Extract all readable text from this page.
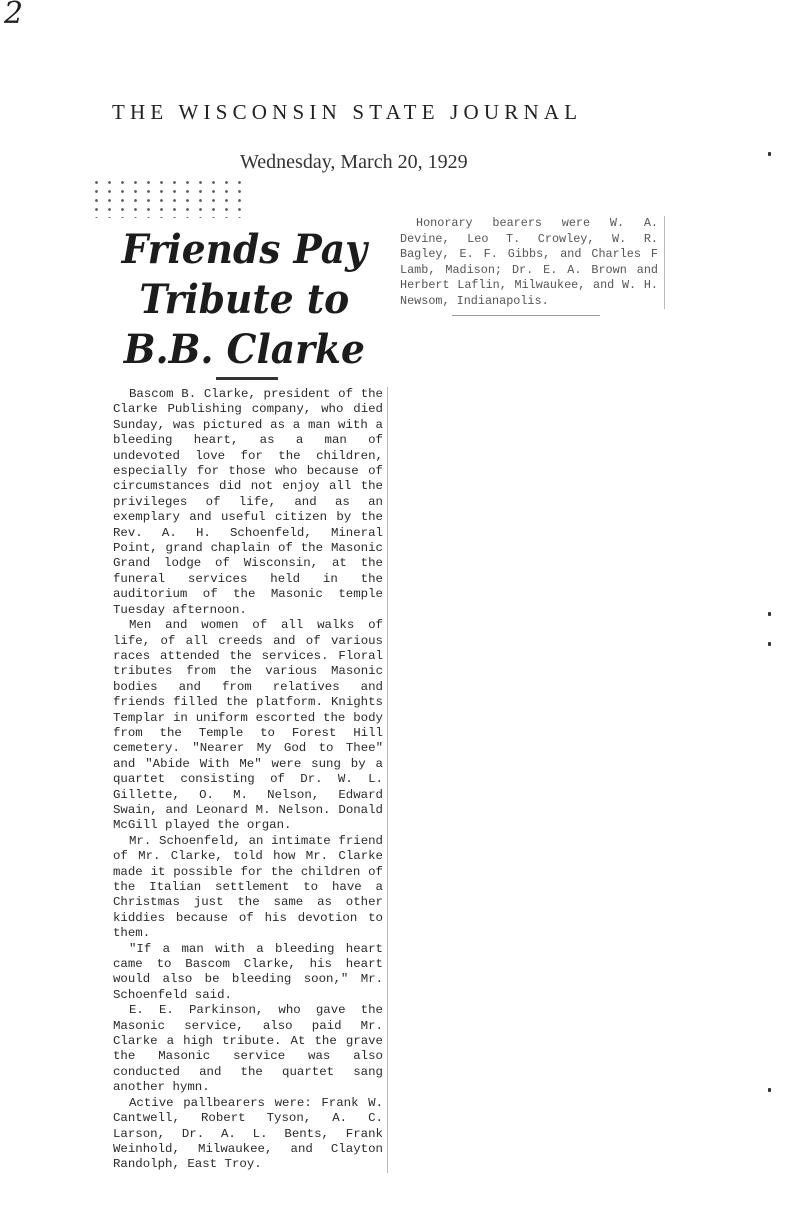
2
THE WISCONSIN STATE JOURNAL
Wednesday, March 20, 1929
Friends Pay
Tribute to
B.B. Clarke

Bascom B. Clarke, president of the Clarke Publishing company, who died Sunday, was pictured as a man with a bleeding heart, as a man of undevoted love for the children, especially for those who because of circumstances did not enjoy all the privileges of life, and as an exemplary and useful citizen by the Rev. A. H. Schoenfeld, Mineral Point, grand chaplain of the Masonic Grand lodge of Wisconsin, at the funeral services held in the auditorium of the Masonic temple Tuesday afternoon.

Men and women of all walks of life, of all creeds and of various races attended the services. Floral tributes from the various Masonic bodies and from relatives and friends filled the platform. Knights Templar in uniform escorted the body from the Temple to Forest Hill cemetery. "Nearer My God to Thee" and "Abide With Me" were sung by a quartet consisting of Dr. W. L. Gillette, O. M. Nelson, Edward Swain, and Leonard M. Nelson. Donald McGill played the organ.

Mr. Schoenfeld, an intimate friend of Mr. Clarke, told how Mr. Clarke made it possible for the children of the Italian settlement to have a Christmas just the same as other kiddies because of his devotion to them.

"If a man with a bleeding heart came to Bascom Clarke, his heart would also be bleeding soon," Mr. Schoenfeld said.

E. E. Parkinson, who gave the Masonic service, also paid Mr. Clarke a high tribute. At the grave the Masonic service was also conducted and the quartet sang another hymn.

Active pallbearers were: Frank W. Cantwell, Robert Tyson, A. C. Larson, Dr. A. L. Bents, Frank Weinhold, Milwaukee, and Clayton Randolph, East Troy.

Honorary bearers were W. A. Devine, Leo T. Crowley, W. R. Bagley, E. F. Gibbs, and Charles F Lamb, Madison; Dr. E. A. Brown and Herbert Laflin, Milwaukee, and W. H. Newsom, Indianapolis.
